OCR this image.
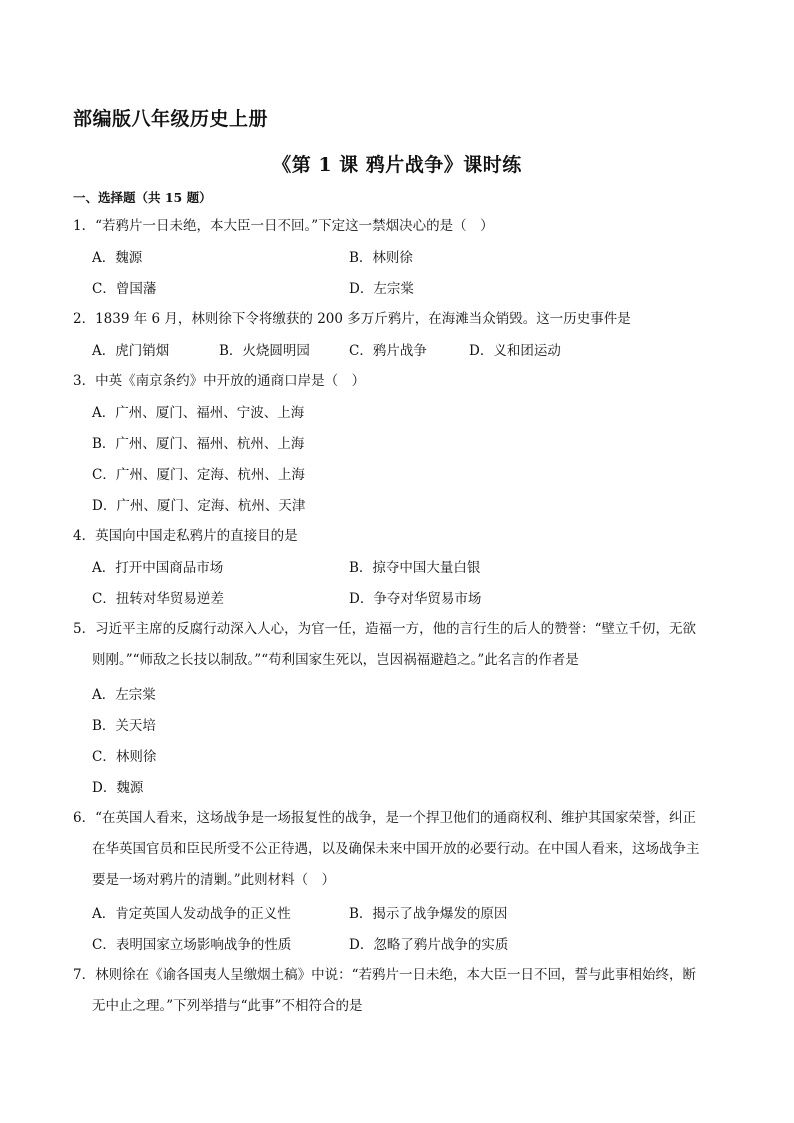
部编版八年级历史上册
《第 1 课 鸦片战争》课时练
一、选择题（共 15 题）
1．“若鸦片一日未绝，本大臣一日不回。”下定这一禁烟决心的是（　）
A．魏源	B．林则徐
C．曾国藩	D．左宗棠
2．1839 年 6 月，林则徐下令将缴获的 200 多万斤鸦片，在海滩当众销毁。这一历史事件是
A．虎门销烟	B．火烧圆明园	C．鸦片战争	D．义和团运动
3．中英《南京条约》中开放的通商口岸是（　）
A．广州、厦门、福州、宁波、上海
B．广州、厦门、福州、杭州、上海
C．广州、厦门、定海、杭州、上海
D．广州、厦门、定海、杭州、天津
4．英国向中国走私鸦片的直接目的是
A．打开中国商品市场	B．掠夺中国大量白银
C．扭转对华贸易逆差	D．争夺对华贸易市场
5．习近平主席的反腐行动深入人心，为官一任，造福一方，他的言行生的后人的赞誉：“壁立千仞，无欲
则刚。”“师敌之长技以制敌。”“苟利国家生死以，岂因祸福避趋之。”此名言的作者是
A．左宗棠
B．关天培
C．林则徐
D．魏源
6．“在英国人看来，这场战争是一场报复性的战争，是一个捍卫他们的通商权利、维护其国家荣誉，纠正
在华英国官员和臣民所受不公正待遇，以及确保未来中国开放的必要行动。在中国人看来，这场战争主
要是一场对鸦片的清剿。”此则材料（　）
A．肯定英国人发动战争的正义性	B．揭示了战争爆发的原因
C．表明国家立场影响战争的性质	D．忽略了鸦片战争的实质
7．林则徐在《谕各国夷人呈缴烟土稿》中说：“若鸦片一日未绝，本大臣一日不回，誓与此事相始终，断
无中止之理。”下列举措与“此事”不相符合的是
